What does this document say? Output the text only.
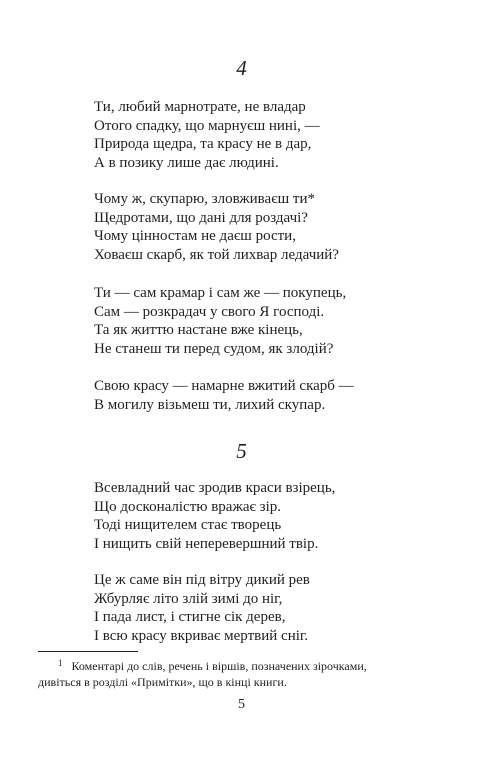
4
Ти, любий марнотрате, не владар
Отого спадку, що марнуєш нині, —
Природа щедра, та красу не в дар,
А в позику лише дає людині.
Чому ж, скупарю, зловживаєш ти*
Щедротами, що дані для роздачі?
Чому цінностам не даєш рости,
Ховаєш скарб, як той лихвар ледачий?
Ти — сам крамар і сам же — покупець,
Сам — розкрадач у свого Я господі.
Та як життю настане вже кінець,
Не станеш ти перед судом, як злодій?
Свою красу — намарне вжитий скарб —
В могилу візьмеш ти, лихий скупар.
5
Всевладний час зродив краси взірець,
Що досконалістю вражає зір.
Тоді нищителем стає творець
І нищить свій неперевершний твір.
Це ж саме він під вітру дикий рев
Жбурляє літо злій зимі до ніг,
І пада лист, і стигне сік дерев,
І всю красу вкриває мертвий сніг.
$^1$ Коментарі до слів, речень і віршів, позначених зірочками,
дивіться в розділі «Примітки», що в кінці книги.
5
